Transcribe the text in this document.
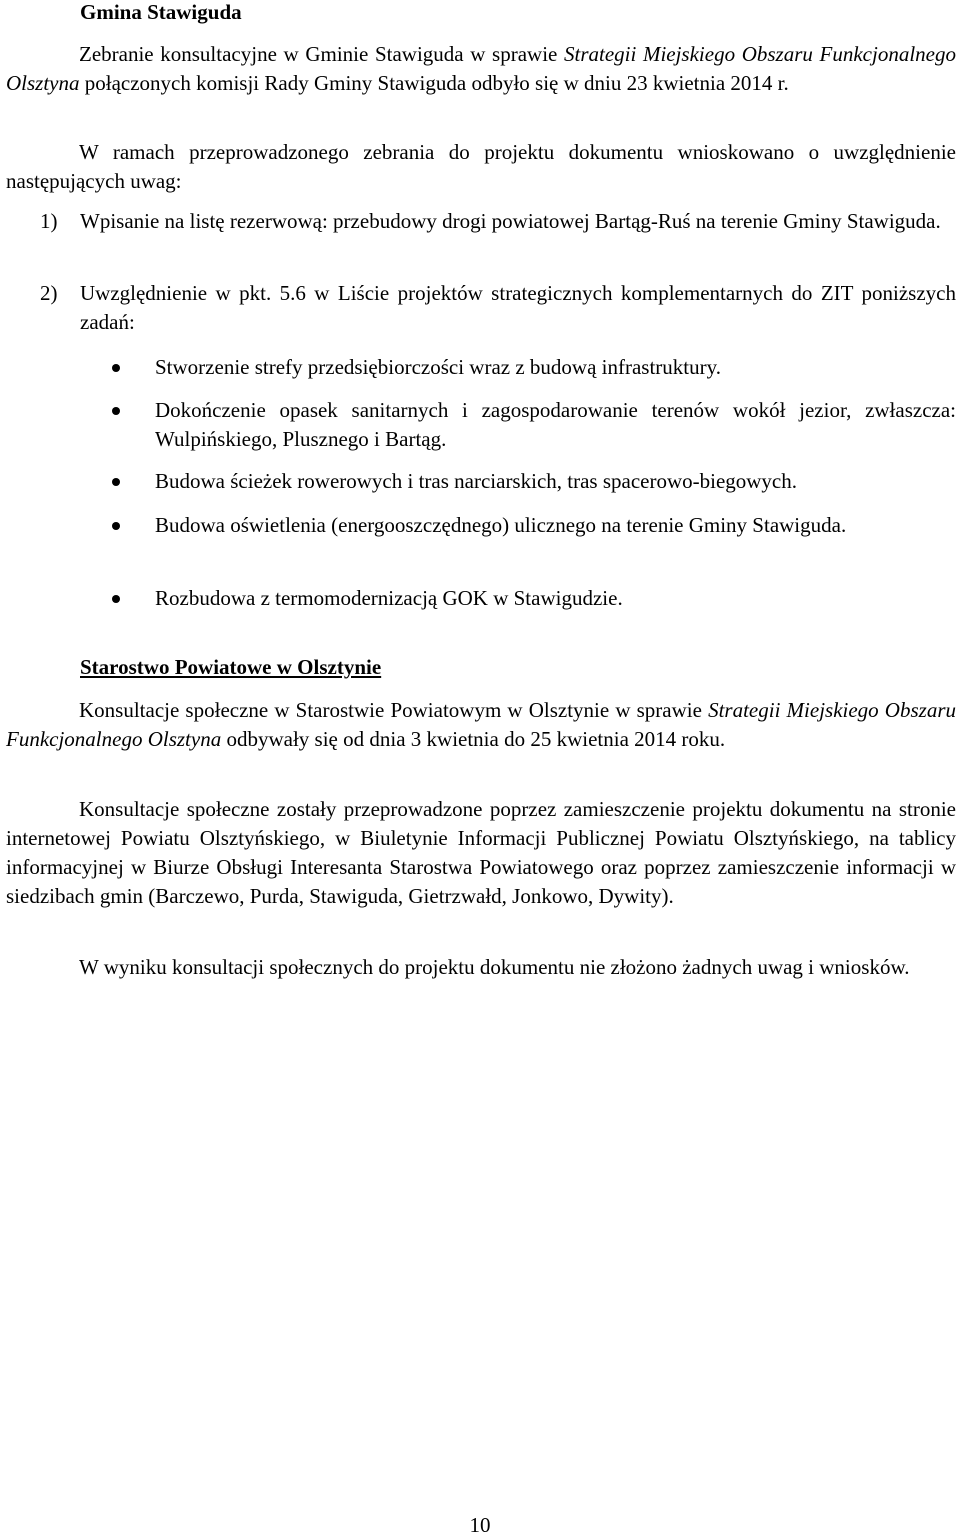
Gmina Stawiguda

Zebranie konsultacyjne w Gminie Stawiguda w sprawie Strategii Miejskiego Obszaru Funkcjonalnego Olsztyna połączonych komisji Rady Gminy Stawiguda odbyło się w dniu 23 kwietnia 2014 r.

W ramach przeprowadzonego zebrania do projektu dokumentu wnioskowano o uwzględnienie następujących uwag:

1) Wpisanie na listę rezerwową: przebudowy drogi powiatowej Bartąg-Ruś na terenie Gminy Stawiguda.
2) Uwzględnienie w pkt. 5.6 w Liście projektów strategicznych komplementarnych do ZIT poniższych zadań:
Stworzenie strefy przedsiębiorczości wraz z budową infrastruktury.
Dokończenie opasek sanitarnych i zagospodarowanie terenów wokół jezior, zwłaszcza: Wulpińskiego, Plusznego i Bartąg.
Budowa ścieżek rowerowych i tras narciarskich, tras spacerowo-biegowych.
Budowa oświetlenia (energooszczędnego) ulicznego na terenie Gminy Stawiguda.
Rozbudowa z termomodernizacją GOK w Stawigudzie.
Starostwo Powiatowe w Olsztynie

Konsultacje społeczne w Starostwie Powiatowym w Olsztynie w sprawie Strategii Miejskiego Obszaru Funkcjonalnego Olsztyna odbywały się od dnia 3 kwietnia do 25 kwietnia 2014 roku.

Konsultacje społeczne zostały przeprowadzone poprzez zamieszczenie projektu dokumentu na stronie internetowej Powiatu Olsztyńskiego, w Biuletynie Informacji Publicznej Powiatu Olsztyńskiego, na tablicy informacyjnej w Biurze Obsługi Interesanta Starostwa Powiatowego oraz poprzez zamieszczenie informacji w siedzibach gmin (Barczewo, Purda, Stawiguda, Gietrzwałd, Jonkowo, Dywity).

W wyniku konsultacji społecznych do projektu dokumentu nie złożono żadnych uwag i wniosków.

10
